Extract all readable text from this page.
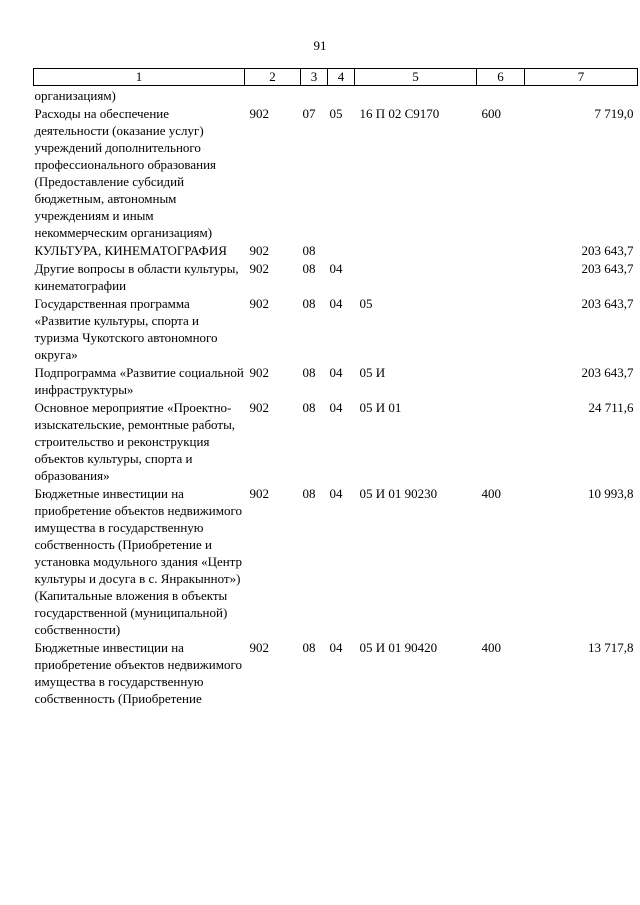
91
1	2	3	4	5	6	7
организациям)						
Расходы на обеспечение деятельности (оказание услуг) учреждений дополнительного профессионального образования (Предоставление субсидий бюджетным, автономным учреждениям и иным некоммерческим организациям)	902	07	05	16 П 02 С9170	600	7 719,0
КУЛЬТУРА, КИНЕМАТОГРАФИЯ	902	08				203 643,7
Другие вопросы в области культуры, кинематографии	902	08	04			203 643,7
Государственная программа «Развитие культуры, спорта и туризма Чукотского автономного округа»	902	08	04	05		203 643,7
Подпрограмма «Развитие социальной инфраструктуры»	902	08	04	05 И		203 643,7
Основное мероприятие «Проектно-изыскательские, ремонтные работы, строительство и реконструкция объектов культуры, спорта и образования»	902	08	04	05 И 01		24 711,6
Бюджетные инвестиции на приобретение объектов недвижимого имущества в государственную собственность (Приобретение и установка модульного здания «Центр культуры и досуга в с. Янракыннот») (Капитальные вложения в объекты государственной (муниципальной) собственности)	902	08	04	05 И 01 90230	400	10 993,8
Бюджетные инвестиции на приобретение объектов недвижимого имущества в государственную собственность (Приобретение	902	08	04	05 И 01 90420	400	13 717,8
